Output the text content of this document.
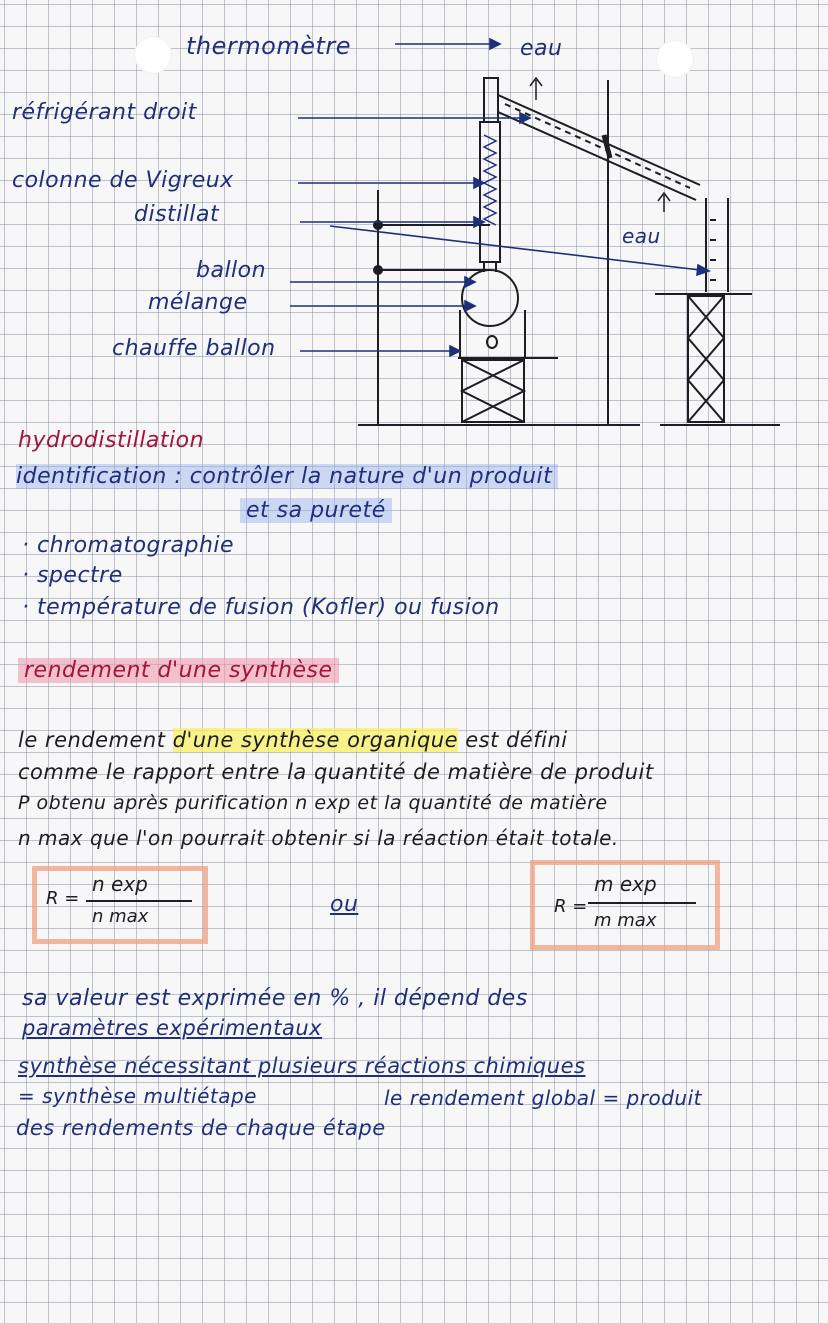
thermomètre	eau
réfrigérant droit
colonne de Vigreux
distillat
eau
ballon
mélange
chauffe ballon
hydrodistillation
identification : contrôler la nature d'un produit
et sa pureté
· chromatographie
· spectre
· température de fusion (Kofler) ou fusion
rendement d'une synthèse
le rendement d'une synthèse organique est défini
comme le rapport entre la quantité de matière de produit
P obtenu après purification n exp et la quantité de matière
n max que l'on pourrait obtenir si la réaction était totale.
R =
n exp
n max	ou	R =
m exp
m max
sa valeur est exprimée en % , il dépend des
paramètres expérimentaux
synthèse nécessitant plusieurs réactions chimiques
= synthèse multiétape	le rendement global = produit
des rendements de chaque étape
